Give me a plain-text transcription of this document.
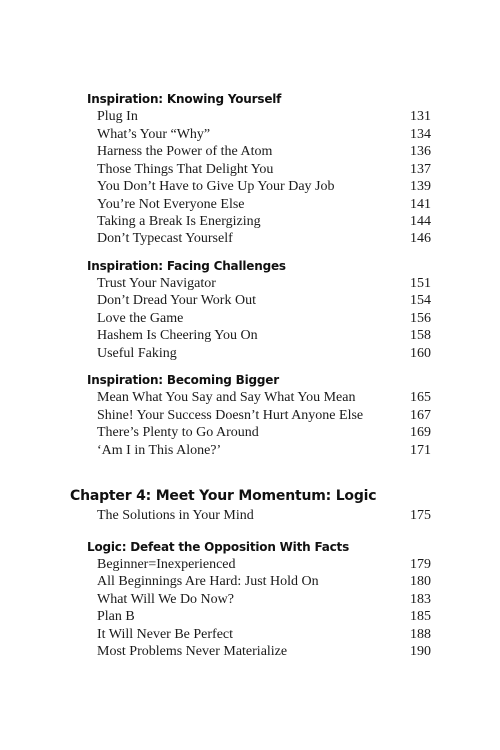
Inspiration: Knowing Yourself
Plug In	131
What’s Your “Why”	134
Harness the Power of the Atom	136
Those Things That Delight You	137
You Don’t Have to Give Up Your Day Job	139
You’re Not Everyone Else	141
Taking a Break Is Energizing	144
Don’t Typecast Yourself	146
Inspiration: Facing Challenges
Trust Your Navigator	151
Don’t Dread Your Work Out	154
Love the Game	156
Hashem Is Cheering You On	158
Useful Faking	160
Inspiration: Becoming Bigger
Mean What You Say and Say What You Mean	165
Shine! Your Success Doesn’t Hurt Anyone Else	167
There’s Plenty to Go Around	169
‘Am I in This Alone?’	171
Chapter 4: Meet Your Momentum: Logic
The Solutions in Your Mind	175
Logic: Defeat the Opposition With Facts
Beginner=Inexperienced	179
All Beginnings Are Hard: Just Hold On	180
What Will We Do Now?	183
Plan B	185
It Will Never Be Perfect	188
Most Problems Never Materialize	190
